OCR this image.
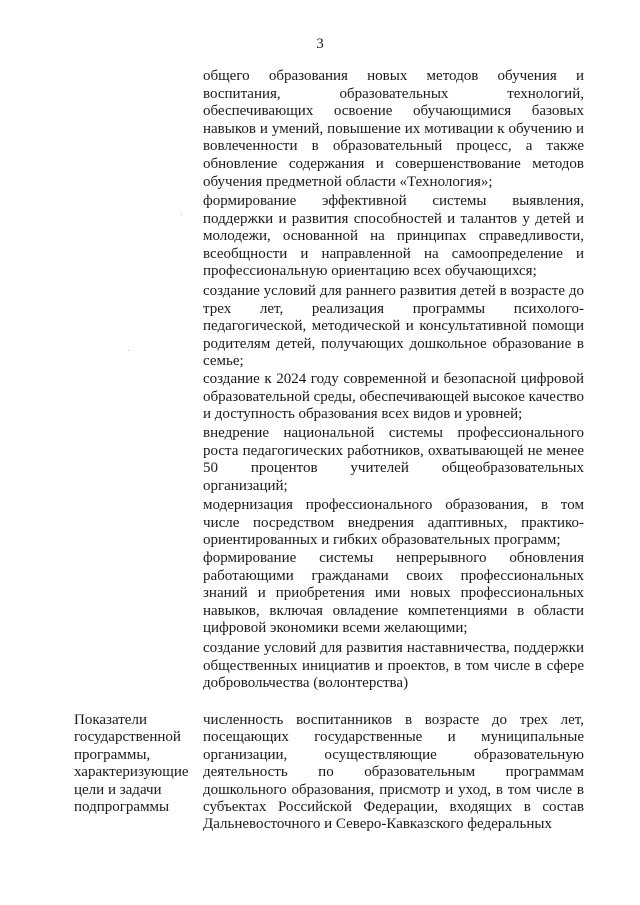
3

общего образования новых методов обучения и воспитания, образовательных технологий, обеспечивающих освоение обучающимися базовых навыков и умений, повышение их мотивации к обучению и вовлеченности в образовательный процесс, а также обновление содержания и совершенствование методов обучения предметной области «Технология»;

формирование эффективной системы выявления, поддержки и развития способностей и талантов у детей и молодежи, основанной на принципах справедливости, всеобщности и направленной на самоопределение и профессиональную ориентацию всех обучающихся;

создание условий для раннего развития детей в возрасте до трех лет, реализация программы психолого-педагогической, методической и консультативной помощи родителям детей, получающих дошкольное образование в семье;

создание к 2024 году современной и безопасной цифровой образовательной среды, обеспечивающей высокое качество и доступность образования всех видов и уровней;

внедрение национальной системы профессионального роста педагогических работников, охватывающей не менее 50 процентов учителей общеобразовательных организаций;

модернизация профессионального образования, в том числе посредством внедрения адаптивных, практико-ориентированных и гибких образовательных программ;

формирование системы непрерывного обновления работающими гражданами своих профессиональных знаний и приобретения ими новых профессиональных навыков, включая овладение компетенциями в области цифровой экономики всеми желающими;

создание условий для развития наставничества, поддержки общественных инициатив и проектов, в том числе в сфере добровольчества (волонтерства)

Показатели государственной программы, характеризующие цели и задачи подпрограммы

численность воспитанников в возрасте до трех лет, посещающих государственные и муниципальные организации, осуществляющие образовательную деятельность по образовательным программам дошкольного образования, присмотр и уход, в том числе в субъектах Российской Федерации, входящих в состав Дальневосточного и Северо-Кавказского федеральных
